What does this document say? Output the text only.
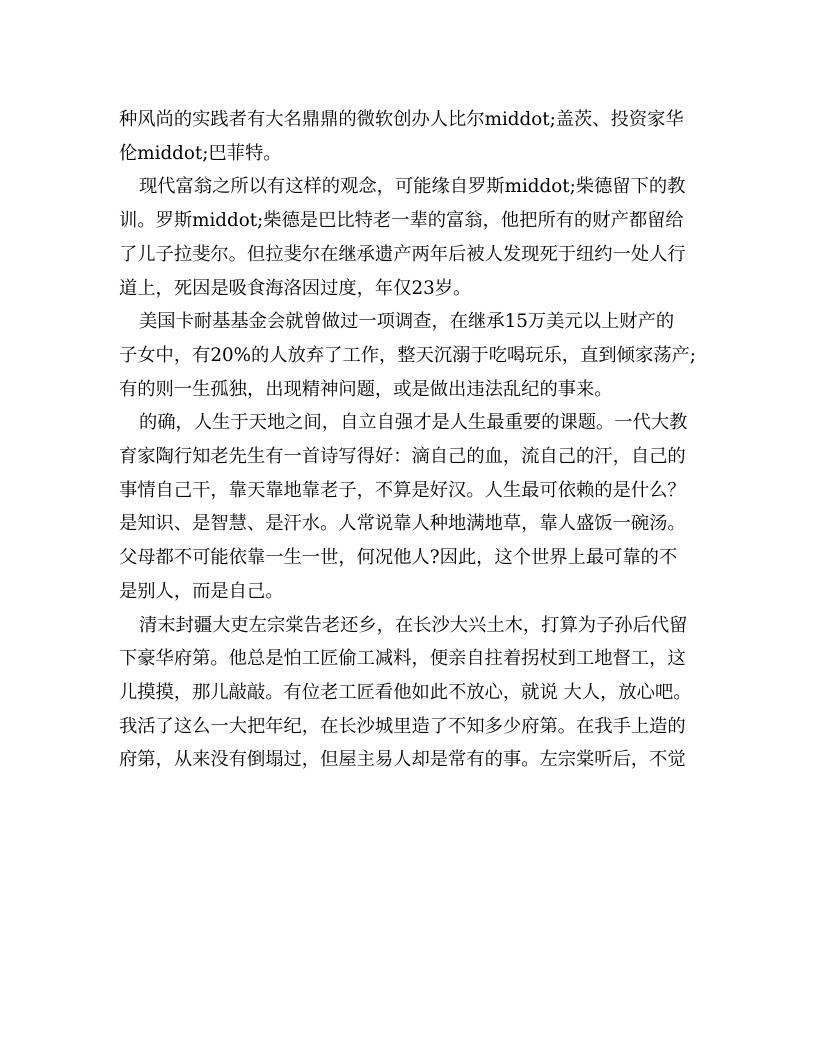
种风尚的实践者有大名鼎鼎的微软创办人比尔middot;盖茨、投资家华
伦middot;巴菲特。
现代富翁之所以有这样的观念，可能缘自罗斯middot;柴德留下的教
训。罗斯middot;柴德是巴比特老一辈的富翁，他把所有的财产都留给
了儿子拉斐尔。但拉斐尔在继承遗产两年后被人发现死于纽约一处人行
道上，死因是吸食海洛因过度，年仅23岁。
美国卡耐基基金会就曾做过一项调查，在继承15万美元以上财产的
子女中，有20%的人放弃了工作，整天沉溺于吃喝玩乐，直到倾家荡产;
有的则一生孤独，出现精神问题，或是做出违法乱纪的事来。
的确，人生于天地之间，自立自强才是人生最重要的课题。一代大教
育家陶行知老先生有一首诗写得好：滴自己的血，流自己的汗，自己的
事情自己干，靠天靠地靠老子，不算是好汉。人生最可依赖的是什么？
是知识、是智慧、是汗水。人常说靠人种地满地草，靠人盛饭一碗汤。
父母都不可能依靠一生一世，何况他人?因此，这个世界上最可靠的不
是别人，而是自己。
清末封疆大吏左宗棠告老还乡，在长沙大兴土木，打算为子孙后代留
下豪华府第。他总是怕工匠偷工减料，便亲自拄着拐杖到工地督工，这
儿摸摸，那儿敲敲。有位老工匠看他如此不放心，就说 大人，放心吧。
我活了这么一大把年纪，在长沙城里造了不知多少府第。在我手上造的
府第，从来没有倒塌过，但屋主易人却是常有的事。左宗棠听后，不觉
